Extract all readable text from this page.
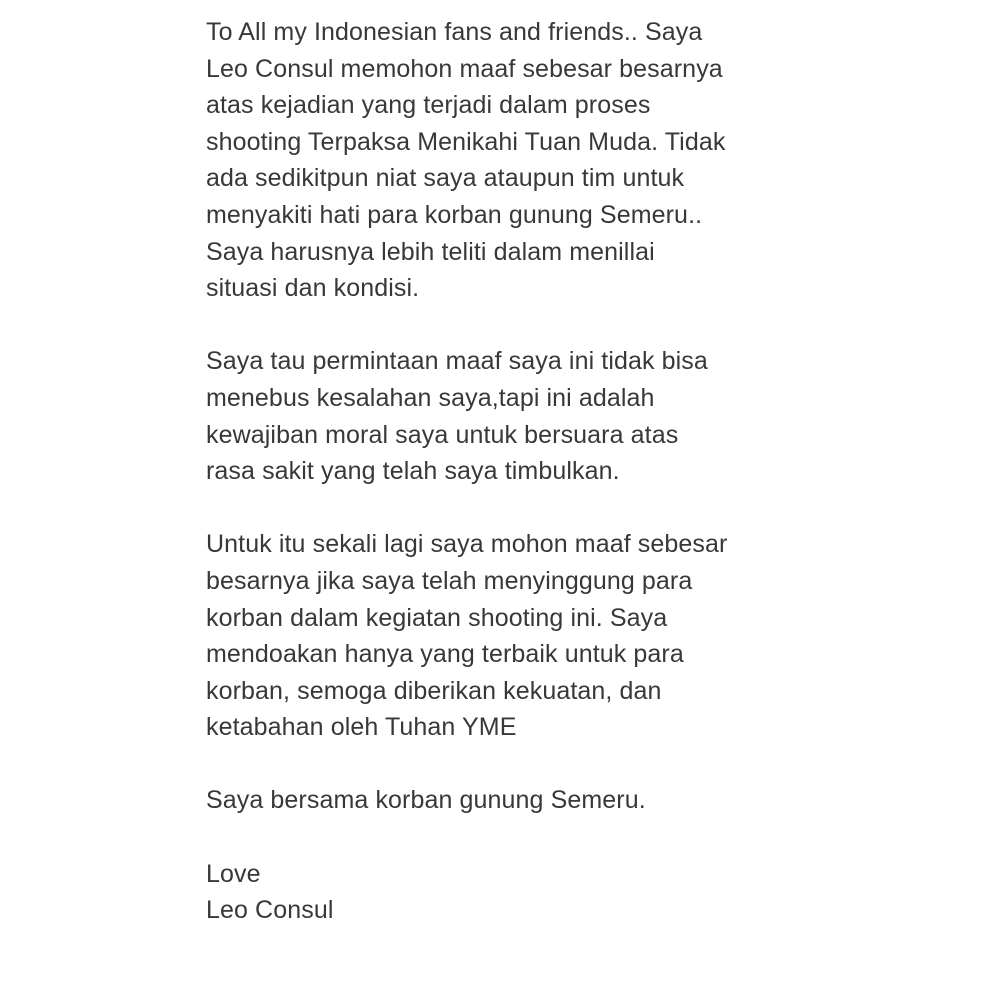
To All my Indonesian fans and friends.. Saya
Leo Consul memohon maaf sebesar besarnya
atas kejadian yang terjadi dalam proses
shooting Terpaksa Menikahi Tuan Muda. Tidak
ada sedikitpun niat saya ataupun tim untuk
menyakiti hati para korban gunung Semeru..
Saya harusnya lebih teliti dalam menillai
situasi dan kondisi.

Saya tau permintaan maaf saya ini tidak bisa
menebus kesalahan saya,tapi ini adalah
kewajiban moral saya untuk bersuara atas
rasa sakit yang telah saya timbulkan.

Untuk itu sekali lagi saya mohon maaf sebesar
besarnya jika saya telah menyinggung para
korban dalam kegiatan shooting ini. Saya
mendoakan hanya yang terbaik untuk para
korban, semoga diberikan kekuatan, dan
ketabahan oleh Tuhan YME

Saya bersama korban gunung Semeru.

Love
Leo Consul
